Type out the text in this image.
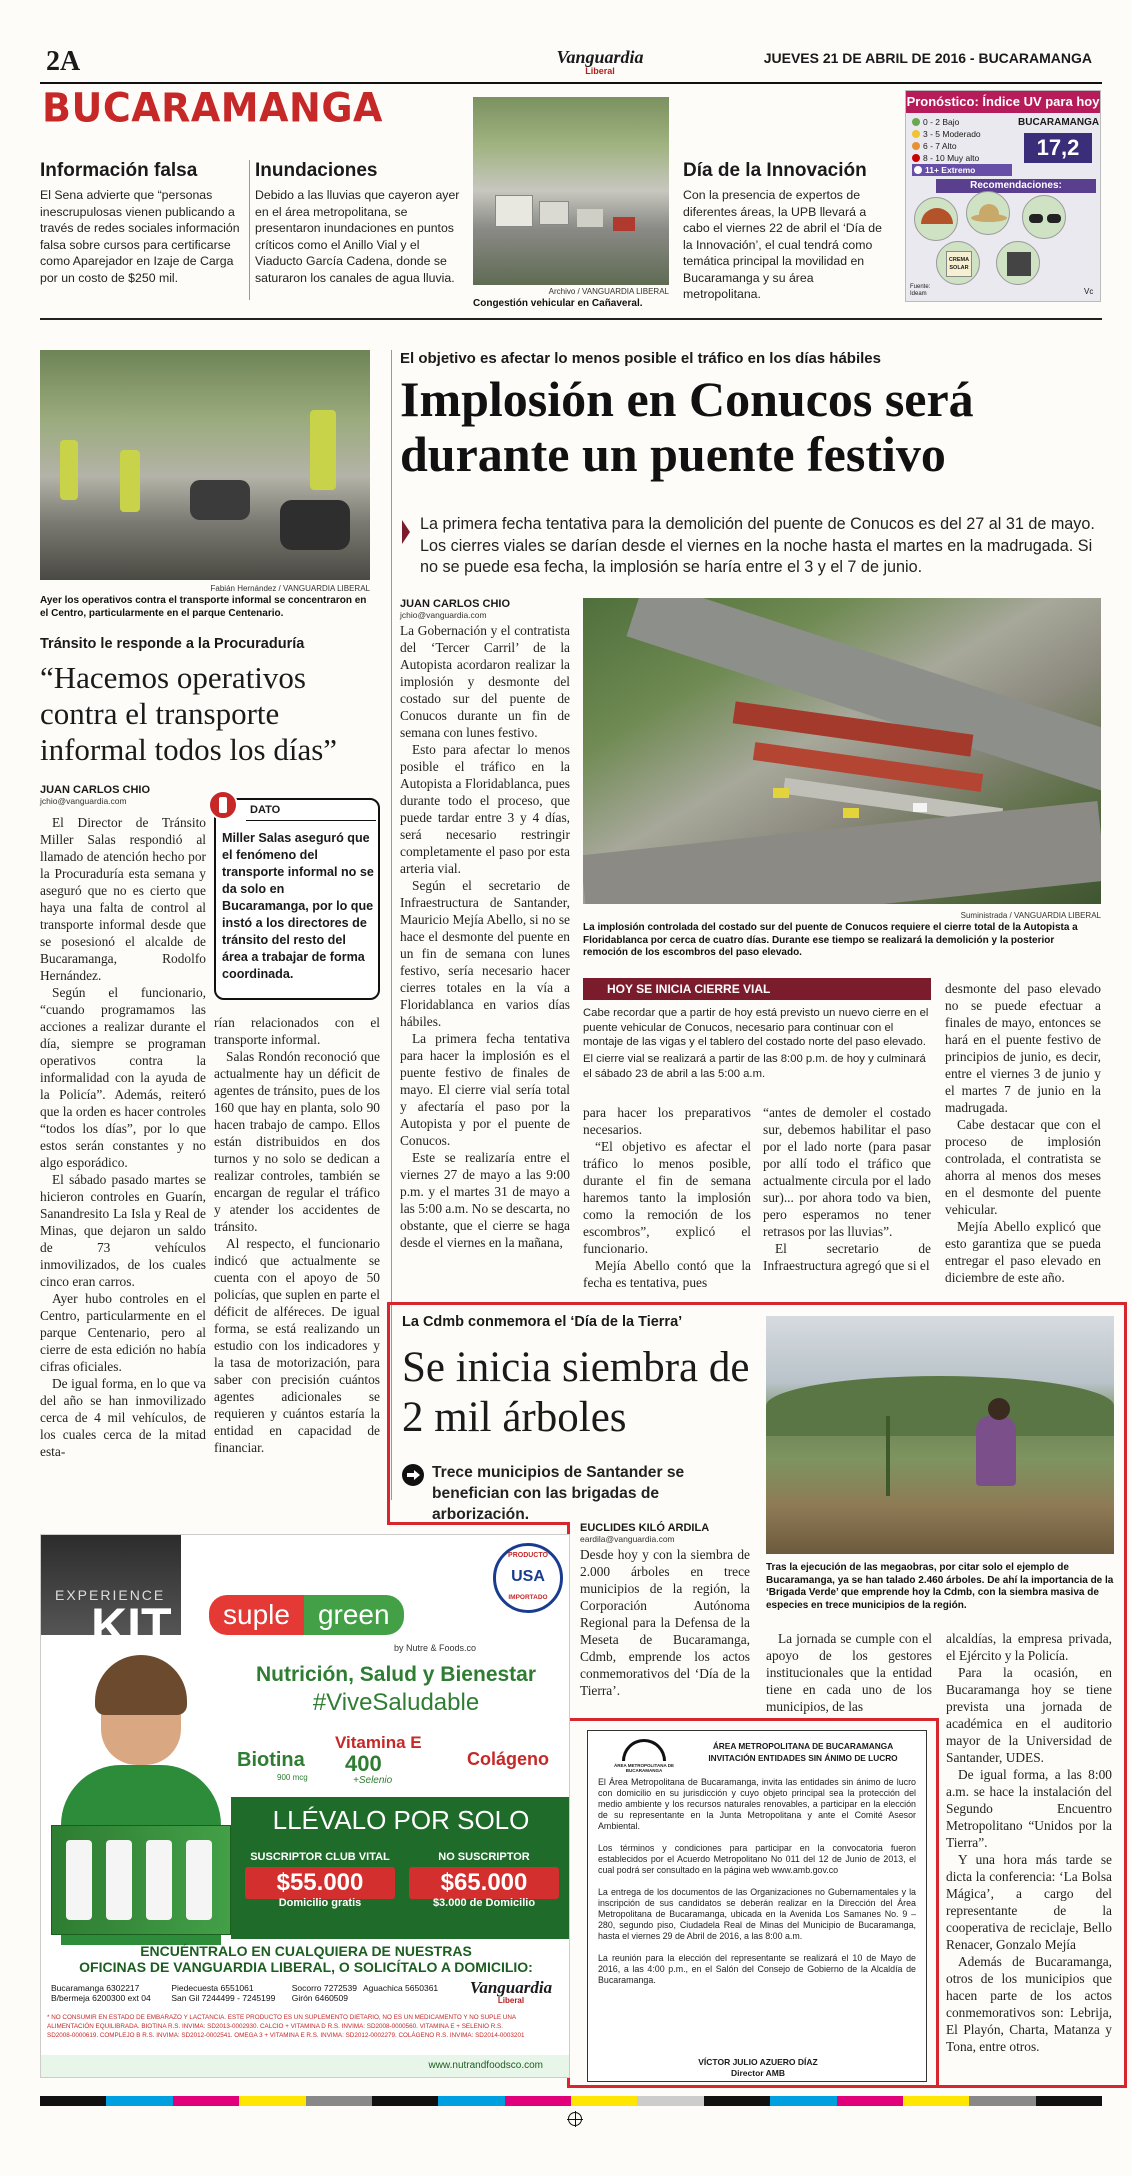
2A	Vanguardia
Liberal
JUEVES 21 DE ABRIL DE 2016 - BUCARAMANGA
BUCARAMANGA
Información falsa
El Sena advierte que “personas inescrupulosas vienen publicando a través de redes sociales información falsa sobre cursos para certificarse como Aparejador en Izaje de Carga por un costo de $250 mil.
Inundaciones
Debido a las lluvias que cayeron ayer en el área metropolitana, se presentaron inundaciones en puntos críticos como el Anillo Vial y el Viaducto García Cadena, donde se saturaron los canales de agua lluvia.
Archivo / VANGUARDIA LIBERAL
Congestión vehicular en Cañaveral.
Día de la Innovación
Con la presencia de expertos de diferentes áreas, la UPB llevará a cabo el viernes 22 de abril el ‘Día de la Innovación’, el cual tendrá como temática principal la movilidad en Bucaramanga y su área metropolitana.
Pronóstico: Índice UV para hoy
0 - 2 Bajo
3 - 5 Moderado
6 - 7 Alto
8 - 10 Muy alto
11+ Extremo
BUCARAMANGA
17,2
Recomendaciones:
CREMA SOLAR
Fuente: Ideam	Vc
Fabián Hernández / VANGUARDIA LIBERAL
Ayer los operativos contra el transporte informal se concentraron en el Centro, particularmente en el parque Centenario.
Tránsito le responde a la Procuraduría
“Hacemos operativos contra el transporte informal todos los días”
JUAN CARLOS CHIO
jchio@vanguardia.com
DATO
Miller Salas aseguró que el fenómeno del transporte informal no se da solo en Bucaramanga, por lo que instó a los directores de tránsito del resto del área a trabajar de forma coordinada.

El Director de Tránsito Miller Salas respondió al llamado de atención hecho por la Procuraduría esta semana y aseguró que no es cierto que haya una falta de control al transporte informal desde que se posesionó el alcalde de Bucaramanga, Rodolfo Hernández.

Según el funcionario, “cuando programamos las acciones a realizar durante el día, siempre se programan operativos contra la informalidad con la ayuda de la Policía”. Además, reiteró que la orden es hacer controles “todos los días”, por lo que estos serán constantes y no algo esporádico.

El sábado pasado martes se hicieron controles en Guarín, Sanandresito La Isla y Real de Minas, que dejaron un saldo de 73 vehículos inmovilizados, de los cuales cinco eran carros.

Ayer hubo controles en el Centro, particularmente en el parque Centenario, pero al cierre de esta edición no había cifras oficiales.

De igual forma, en lo que va del año se han inmovilizado cerca de 4 mil vehículos, de los cuales cerca de la mitad esta-

rían relacionados con el transporte informal.

Salas Rondón reconoció que actualmente hay un déficit de agentes de tránsito, pues de los 160 que hay en planta, solo 90 hacen trabajo de campo. Ellos están distribuidos en dos turnos y no solo se dedican a realizar controles, también se encargan de regular el tráfico y atender los accidentes de tránsito.

Al respecto, el funcionario indicó que actualmente se cuenta con el apoyo de 50 policías, que suplen en parte el déficit de alféreces. De igual forma, se está realizando un estudio con los indicadores y la tasa de motorización, para saber con precisión cuántos agentes adicionales se requieren y cuántos estaría la entidad en capacidad de financiar.

El objetivo es afectar lo menos posible el tráfico en los días hábiles
Implosión en Conucos será durante un puente festivo
La primera fecha tentativa para la demolición del puente de Conucos es del 27 al 31 de mayo. Los cierres viales se darían desde el viernes en la noche hasta el martes en la madrugada. Si no se puede esa fecha, la implosión se haría entre el 3 y el 7 de junio.
JUAN CARLOS CHIO
jchio@vanguardia.com

La Gobernación y el contratista del ‘Tercer Carril’ de la Autopista acordaron realizar la implosión y desmonte del costado sur del puente de Conucos durante un fin de semana con lunes festivo.

Esto para afectar lo menos posible el tráfico en la Autopista a Floridablanca, pues durante todo el proceso, que puede tardar entre 3 y 4 días, será necesario restringir completamente el paso por esta arteria vial.

Según el secretario de Infraestructura de Santander, Mauricio Mejía Abello, si no se hace el desmonte del puente en un fin de semana con lunes festivo, sería necesario hacer cierres totales en la vía a Floridablanca en varios días hábiles.

La primera fecha tentativa para hacer la implosión es el puente festivo de finales de mayo. El cierre vial sería total y afectaría el paso por la Autopista y por el puente de Conucos.

Este se realizaría entre el viernes 27 de mayo a las 9:00 p.m. y el martes 31 de mayo a las 5:00 a.m. No se descarta, no obstante, que el cierre se haga desde el viernes en la mañana,

Suministrada / VANGUARDIA LIBERAL
La implosión controlada del costado sur del puente de Conucos requiere el cierre total de la Autopista a Floridablanca por cerca de cuatro días. Durante ese tiempo se realizará la demolición y la posterior remoción de los escombros del paso elevado.
HOY SE INICIA CIERRE VIAL
Cabe recordar que a partir de hoy está previsto un nuevo cierre en el puente vehicular de Conucos, necesario para continuar con el montaje de las vigas y el tablero del costado norte del paso elevado.
El cierre vial se realizará a partir de las 8:00 p.m. de hoy y culminará el sábado 23 de abril a las 5:00 a.m.

para hacer los preparativos necesarios.

“El objetivo es afectar el tráfico lo menos posible, durante el fin de semana haremos tanto la implosión como la remoción de los escombros”, explicó el funcionario.

Mejía Abello contó que la fecha es tentativa, pues

“antes de demoler el costado sur, debemos habilitar el paso por el lado norte (para pasar por allí todo el tráfico que actualmente circula por el lado sur)... por ahora todo va bien, pero esperamos no tener retrasos por las lluvias”.

El secretario de Infraestructura agregó que si el

desmonte del paso elevado no se puede efectuar a finales de mayo, entonces se hará en el puente festivo de principios de junio, es decir, entre el viernes 3 de junio y el martes 7 de junio en la madrugada.

Cabe destacar que con el proceso de implosión controlada, el contratista se ahorra al menos dos meses en el desmonte del puente vehicular.

Mejía Abello explicó que esto garantiza que se pueda entregar el paso elevado en diciembre de este año.

La Cdmb conmemora el ‘Día de la Tierra’
Se inicia siembra de 2 mil árboles
Trece municipios de Santander se benefician con las brigadas de arborización.
Tras la ejecución de las megaobras, por citar solo el ejemplo de Bucaramanga, ya se han talado 2.460 árboles. De ahí la importancia de la ‘Brigada Verde’ que emprende hoy la Cdmb, con la siembra masiva de especies en trece municipios de la región.
EUCLIDES KILÓ ARDILA
eardila@vanguardia.com

Desde hoy y con la siembra de 2.000 árboles en trece municipios de la región, la Corporación Autónoma Regional para la Defensa de la Meseta de Bucaramanga, Cdmb, emprende los actos conmemorativos del ‘Día de la Tierra’.

La jornada se cumple con el apoyo de los gestores institucionales que la entidad tiene en cada uno de los municipios, de las

alcaldías, la empresa privada, el Ejército y la Policía.

Para la ocasión, en Bucaramanga hoy se tiene prevista una jornada de académica en el auditorio mayor de la Universidad de Santander, UDES.

De igual forma, a las 8:00 a.m. se hace la instalación del Segundo Encuentro Metropolitano “Unidos por la Tierra”.

Y una hora más tarde se dicta la conferencia: ‘La Bolsa Mágica’, a cargo del representante de la cooperativa de reciclaje, Bello Renacer, Gonzalo Mejía

Además de Bucaramanga, otros de los municipios que hacen parte de los actos conmemorativos son: Lebrija, El Playón, Charta, Matanza y Tona, entre otros.

ÁREA METROPOLITANA DE BUCARAMANGA
ÁREA METROPOLITANA DE BUCARAMANGA
INVITACIÓN ENTIDADES SIN ÁNIMO DE LUCRO

El Área Metropolitana de Bucaramanga, invita las entidades sin ánimo de lucro con domicilio en su jurisdicción y cuyo objeto principal sea la protección del medio ambiente y los recursos naturales renovables, a participar en la elección de su representante en la Junta Metropolitana y ante el Comité Asesor Ambiental.

Los términos y condiciones para participar en la convocatoria fueron establecidos por el Acuerdo Metropolitano No 011 del 12 de Junio de 2013, el cual podrá ser consultado en la página web www.amb.gov.co

La entrega de los documentos de las Organizaciones no Gubernamentales y la inscripción de sus candidatos se deberán realizar en la Dirección del Área Metropolitana de Bucaramanga, ubicada en la Avenida Los Samanes No. 9 – 280, segundo piso, Ciudadela Real de Minas del Municipio de Bucaramanga, hasta el viernes 29 de Abril de 2016, a las 8:00 a.m.

La reunión para la elección del representante se realizará el 10 de Mayo de 2016, a las 4:00 p.m., en el Salón del Consejo de Gobierno de la Alcaldía de Bucaramanga.

VÍCTOR JULIO AZUERO DÍAZ
Director AMB
EXPERIENCE
KIT	suple	green
by Nutre & Foods.co
PRODUCTO
USA
IMPORTADO
Nutrición, Salud y Bienestar
#ViveSaludable
Biotina
900 mcg
Vitamina E
400
+Selenio
Colágeno
LLÉVALO POR SOLO
SUSCRIPTOR CLUB VITAL
$55.000
Domicilio gratis
NO SUSCRIPTOR
$65.000
$3.000 de Domicilio
ENCUÉNTRALO EN CUALQUIERA DE NUESTRAS
OFICINAS DE VANGUARDIA LIBERAL, O SOLICÍTALO A DOMICILIO:
Bucaramanga 6302217	Piedecuesta 6551061	Socorro 7272539
B/bermeja 6200300 ext 04 San Gil 7244499 - 7245199 Girón 6460509
Aguachica 5650361	Vanguardia
Liberal
* NO CONSUMIR EN ESTADO DE EMBARAZO Y LACTANCIA. ESTE PRODUCTO ES UN SUPLEMENTO DIETARIO, NO ES UN MEDICAMENTO Y NO SUPLE UNA
ALIMENTACIÓN EQUILIBRADA. BIOTINA R.S. INVIMA: SD2013-0002930. CALCIO + VITAMINA D R.S. INVIMA: SD2008-0000560. VITAMINA E + SELENIO R.S.
SD2008-0000619. COMPLEJO B R.S. INVIMA: SD2012-0002541. OMEGA 3 + VITAMINA E R.S. INVIMA: SD2012-0002279. COLÁGENO R.S. INVIMA: SD2014-0003201
www.nutrandfoodsco.com
